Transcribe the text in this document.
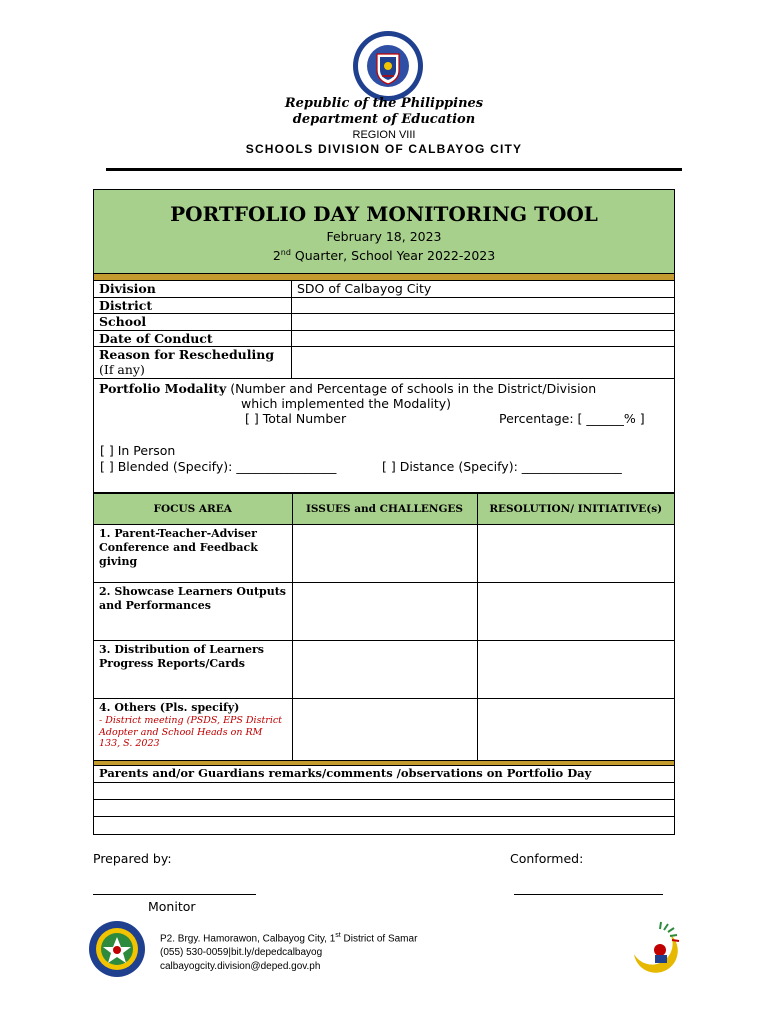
Republic of the Philippines
department of Education
REGION VIII
SCHOOLS DIVISION OF CALBAYOG CITY
PORTFOLIO DAY MONITORING TOOL
February 18, 2023
2nd Quarter, School Year 2022-2023
Division	SDO of Calbayog City
District
School
Date of Conduct
Reason for Rescheduling
(If any)
Portfolio Modality (Number and Percentage of schools in the District/Division
which implemented the Modality)
[ ] Total Number	Percentage: [ ______% ]
[ ] In Person
[ ] Blended (Specify): ________________	[ ] Distance (Specify): ________________
FOCUS AREA	ISSUES and CHALLENGES	RESOLUTION/ INITIATIVE(s)
1. Parent-Teacher-Adviser Conference and Feedback giving		
2. Showcase Learners Outputs and Performances		
3. Distribution of Learners Progress Reports/Cards		
4. Others (Pls. specify)
- District meeting (PSDS, EPS District Adopter and School Heads on RM 133, S. 2023		

Parents and/or Guardians remarks/comments /observations on Portfolio Day
Prepared by:	Conformed:
Monitor
P2. Brgy. Hamorawon, Calbayog City, 1st District of Samar
(055) 530-0059|bit.ly/depedcalbayog
calbayogcity.division@deped.gov.ph
